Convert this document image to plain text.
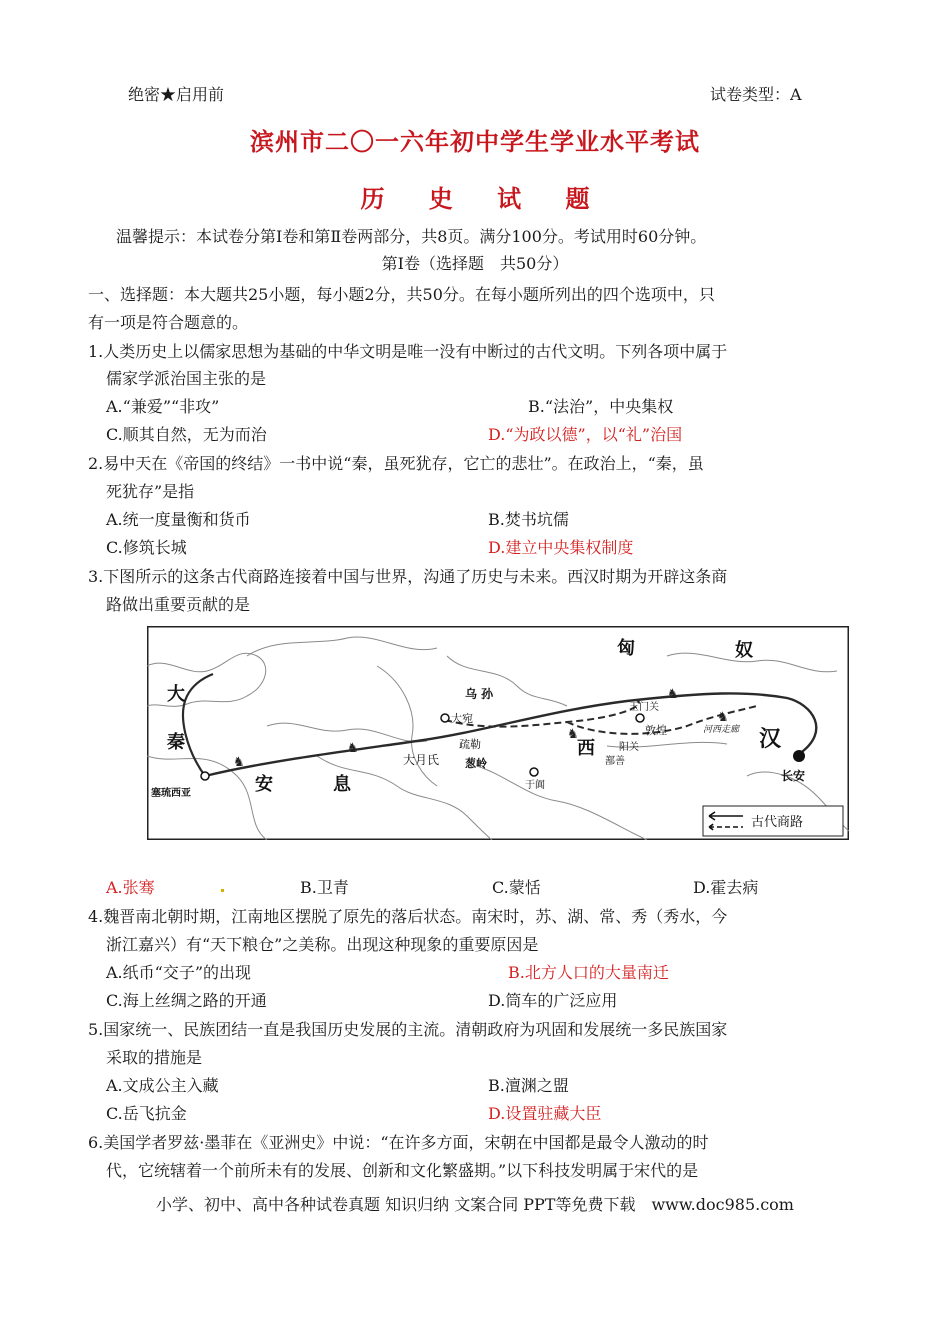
绝密★启用前	试卷类型：A
滨州市二〇一六年初中学生学业水平考试
历 史 试 题
温馨提示：本试卷分第Ⅰ卷和第Ⅱ卷两部分，共8页。满分100分。考试用时60分钟。
第Ⅰ卷（选择题　共50分）
一、选择题：本大题共25小题，每小题2分，共50分。在每小题所列出的四个选项中，只
有一项是符合题意的。
1.人类历史上以儒家思想为基础的中华文明是唯一没有中断过的古代文明。下列各项中属于
儒家学派治国主张的是
A.“兼爱”“非攻”	B.“法治”，中央集权
C.顺其自然，无为而治	D.“为政以德”，以“礼”治国
2.易中天在《帝国的终结》一书中说“秦，虽死犹存，它亡的悲壮”。在政治上，“秦，虽
死犹存”是指
A.统一度量衡和货币	B.焚书坑儒
C.修筑长城	D.建立中央集权制度
3.下图所示的这条古代商路连接着中国与世界，沟通了历史与未来。西汉时期为开辟这条商
路做出重要贡献的是
♞
♞
♞
♞
♞
匈	奴
大
秦
乌 孙
大宛
疏勒
葱岭
大月氏
安	息
西
鄯善
于阗
玉门关
敦煌
阳关
河西走廊 汉
长安
塞琉西亚
古代商路
A.张骞	B.卫青	C.蒙恬	D.霍去病
4.魏晋南北朝时期，江南地区摆脱了原先的落后状态。南宋时，苏、湖、常、秀（秀水，今
浙江嘉兴）有“天下粮仓”之美称。出现这种现象的重要原因是
A.纸币“交子”的出现	B.北方人口的大量南迁
C.海上丝绸之路的开通	D.筒车的广泛应用
5.国家统一、民族团结一直是我国历史发展的主流。清朝政府为巩固和发展统一多民族国家
采取的措施是
A.文成公主入藏	B.澶渊之盟
C.岳飞抗金	D.设置驻藏大臣
6.美国学者罗兹·墨菲在《亚洲史》中说：“在许多方面，宋朝在中国都是最令人激动的时
代，它统辖着一个前所未有的发展、创新和文化繁盛期。”以下科技发明属于宋代的是
小学、初中、高中各种试卷真题 知识归纳 文案合同 PPT等免费下载　www.doc985.com
